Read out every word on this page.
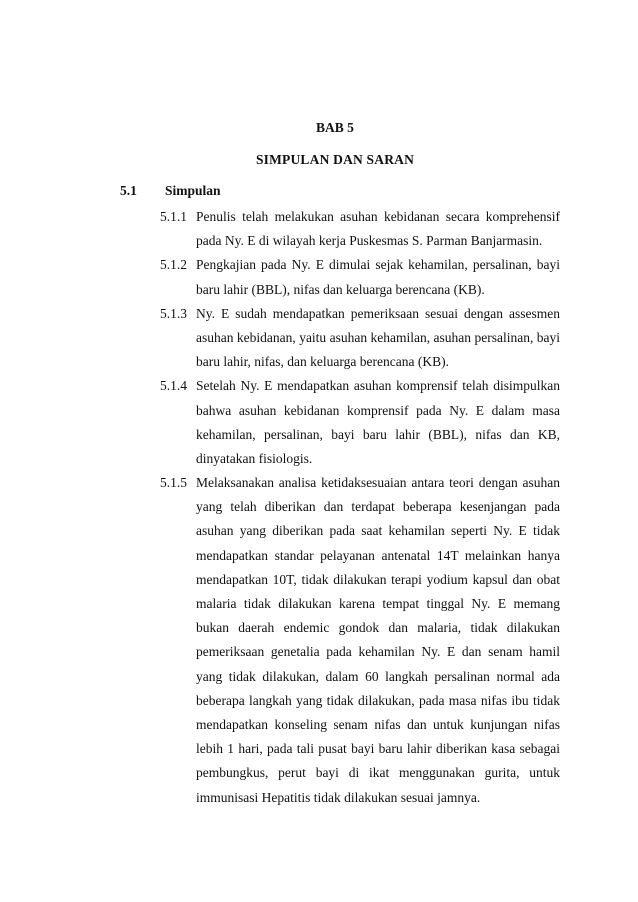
BAB 5
SIMPULAN DAN SARAN
5.1 Simpulan
5.1.1 Penulis telah melakukan asuhan kebidanan secara komprehensif
pada Ny. E di wilayah kerja Puskesmas S. Parman Banjarmasin.
5.1.2 Pengkajian pada Ny. E dimulai sejak kehamilan, persalinan, bayi
baru lahir (BBL), nifas dan keluarga berencana (KB).
5.1.3 Ny. E sudah mendapatkan pemeriksaan sesuai dengan assesmen
asuhan kebidanan, yaitu asuhan kehamilan, asuhan persalinan, bayi
baru lahir, nifas, dan keluarga berencana (KB).
5.1.4 Setelah Ny. E mendapatkan asuhan komprensif telah disimpulkan
bahwa asuhan kebidanan komprensif pada Ny. E dalam masa
kehamilan, persalinan, bayi baru lahir (BBL), nifas dan KB,
dinyatakan fisiologis.
5.1.5 Melaksanakan analisa ketidaksesuaian antara teori dengan asuhan
yang telah diberikan dan terdapat beberapa kesenjangan pada
asuhan yang diberikan pada saat kehamilan seperti Ny. E tidak
mendapatkan standar pelayanan antenatal 14T melainkan hanya
mendapatkan 10T, tidak dilakukan terapi yodium kapsul dan obat
malaria tidak dilakukan karena tempat tinggal Ny. E memang
bukan daerah endemic gondok dan malaria, tidak dilakukan
pemeriksaan genetalia pada kehamilan Ny. E dan senam hamil
yang tidak dilakukan, dalam 60 langkah persalinan normal ada
beberapa langkah yang tidak dilakukan, pada masa nifas ibu tidak
mendapatkan konseling senam nifas dan untuk kunjungan nifas
lebih 1 hari, pada tali pusat bayi baru lahir diberikan kasa sebagai
pembungkus, perut bayi di ikat menggunakan gurita, untuk
immunisasi Hepatitis tidak dilakukan sesuai jamnya.
